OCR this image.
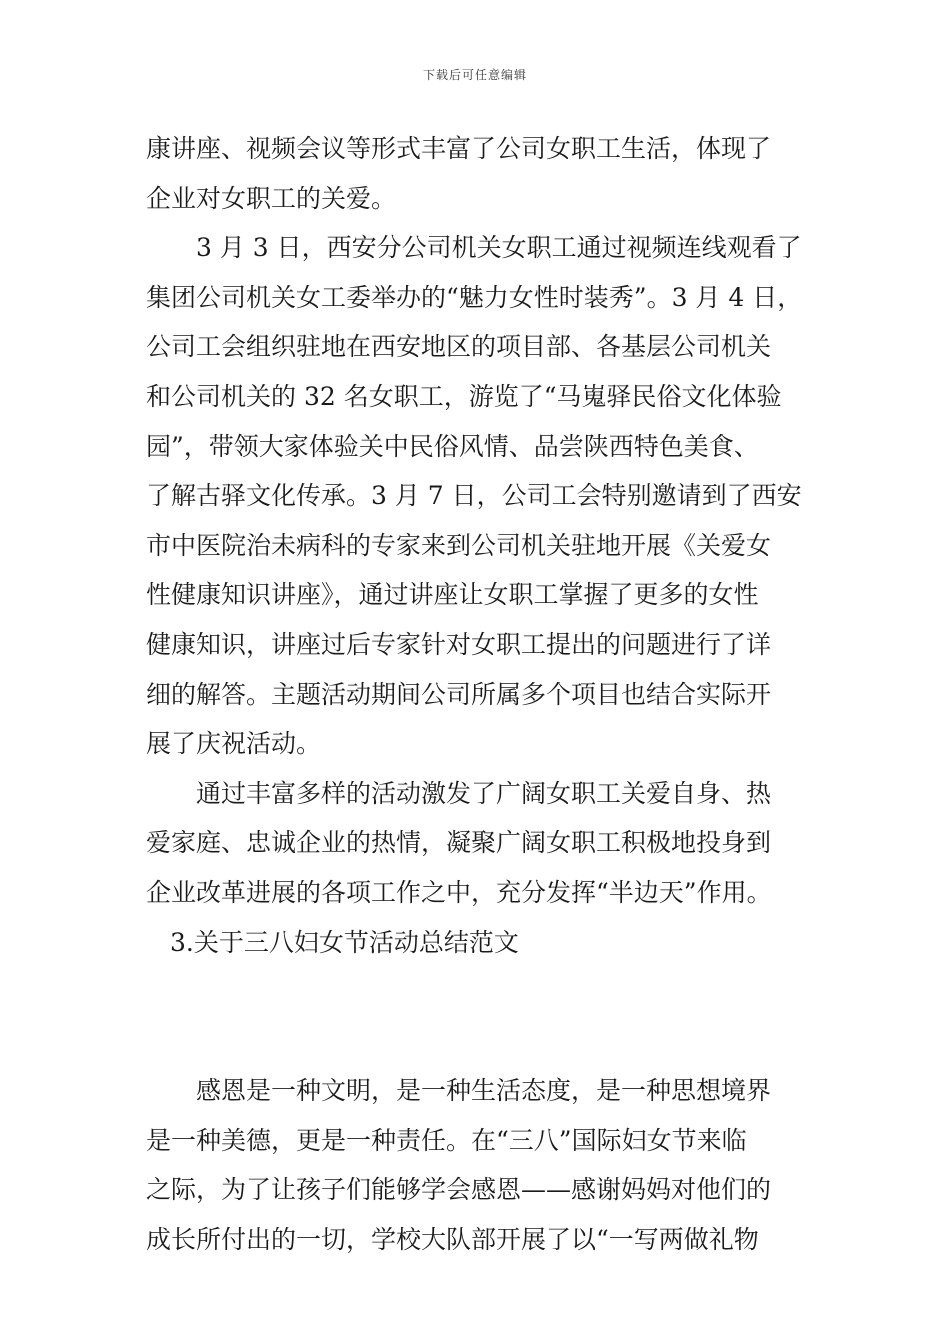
下载后可任意编辑
康讲座、视频会议等形式丰富了公司女职工生活，体现了
企业对女职工的关爱。
3 月 3 日，西安分公司机关女职工通过视频连线观看了
集团公司机关女工委举办的“魅力女性时装秀”。3 月 4 日，
公司工会组织驻地在西安地区的项目部、各基层公司机关
和公司机关的 32 名女职工，游览了“马嵬驿民俗文化体验
园”，带领大家体验关中民俗风情、品尝陕西特色美食、
了解古驿文化传承。3 月 7 日，公司工会特别邀请到了西安
市中医院治未病科的专家来到公司机关驻地开展《关爱女
性健康知识讲座》，通过讲座让女职工掌握了更多的女性
健康知识，讲座过后专家针对女职工提出的问题进行了详
细的解答。主题活动期间公司所属多个项目也结合实际开
展了庆祝活动。
通过丰富多样的活动激发了广阔女职工关爱自身、热
爱家庭、忠诚企业的热情，凝聚广阔女职工积极地投身到
企业改革进展的各项工作之中，充分发挥“半边天”作用。
3.关于三八妇女节活动总结范文
感恩是一种文明，是一种生活态度，是一种思想境界
是一种美德，更是一种责任。在“三八”国际妇女节来临
之际，为了让孩子们能够学会感恩——感谢妈妈对他们的
成长所付出的一切，学校大队部开展了以“一写两做礼物
